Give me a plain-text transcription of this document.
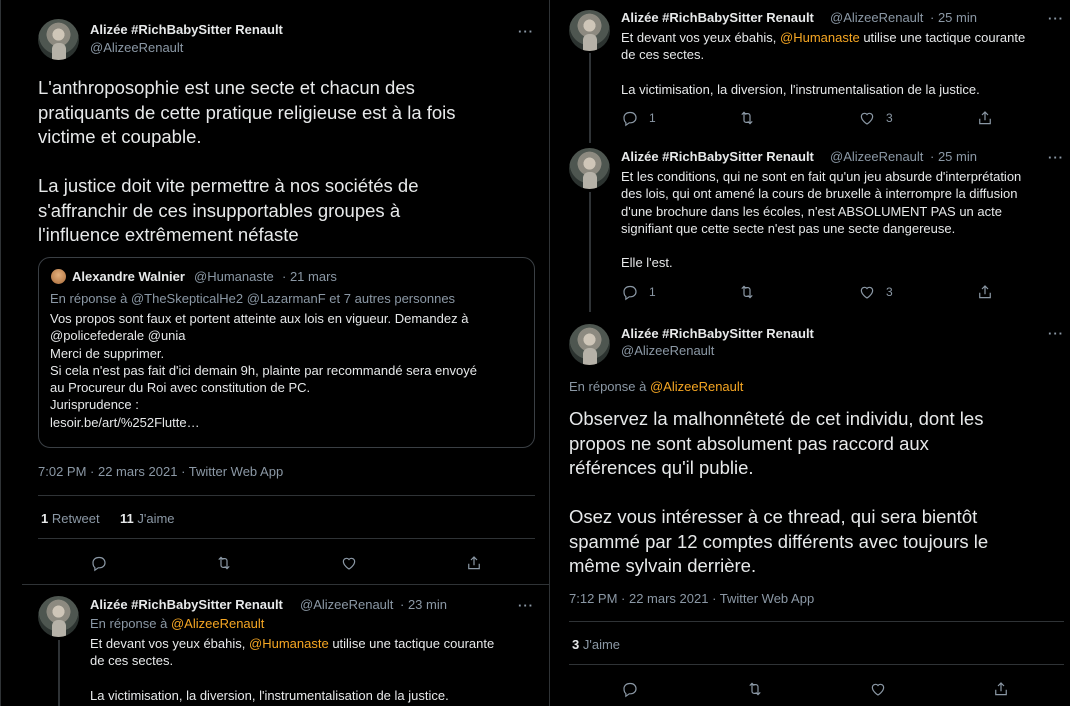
Alizée #RichBabySitter Renault
@AlizeeRenault
···
L'anthroposophie est une secte et chacun des
pratiquants de cette pratique religieuse est à la fois
victime et coupable.

La justice doit vite permettre à nos sociétés de
s'affranchir de ces insupportables groupes à
l'influence extrêmement néfaste
Alexandre Walnier @Humanaste · 21 mars
En réponse à @TheSkepticalHe2 @LazarmanF et 7 autres personnes
Vos propos sont faux et portent atteinte aux lois en vigueur. Demandez à
@policefederale @unia
Merci de supprimer.
Si cela n'est pas fait d'ici demain 9h, plainte par recommandé sera envoyé
au Procureur du Roi avec constitution de PC.
Jurisprudence :
lesoir.be/art/%252Flutte…
7:02 PM · 22 mars 2021 · Twitter Web App
1 Retweet 11 J'aime
Alizée #RichBabySitter Renault @AlizeeRenault · 23 min	···
En réponse à @AlizeeRenault
Et devant vos yeux ébahis, @Humanaste utilise une tactique courante
de ces sectes.

La victimisation, la diversion, l'instrumentalisation de la justice.
Alizée #RichBabySitter Renault @AlizeeRenault · 25 min	···
Et devant vos yeux ébahis, @Humanaste utilise une tactique courante
de ces sectes.

La victimisation, la diversion, l'instrumentalisation de la justice.
1	3
Alizée #RichBabySitter Renault @AlizeeRenault · 25 min	···
Et les conditions, qui ne sont en fait qu'un jeu absurde d'interprétation
des lois, qui ont amené la cours de bruxelle à interrompre la diffusion
d'une brochure dans les écoles, n'est ABSOLUMENT PAS un acte
signifiant que cette secte n'est pas une secte dangereuse.

Elle l'est.
1	3
Alizée #RichBabySitter Renault
@AlizeeRenault
···
En réponse à @AlizeeRenault
Observez la malhonnêteté de cet individu, dont les
propos ne sont absolument pas raccord aux
références qu'il publie.

Osez vous intéresser à ce thread, qui sera bientôt
spammé par 12 comptes différents avec toujours le
même sylvain derrière.
7:12 PM · 22 mars 2021 · Twitter Web App
3 J'aime
